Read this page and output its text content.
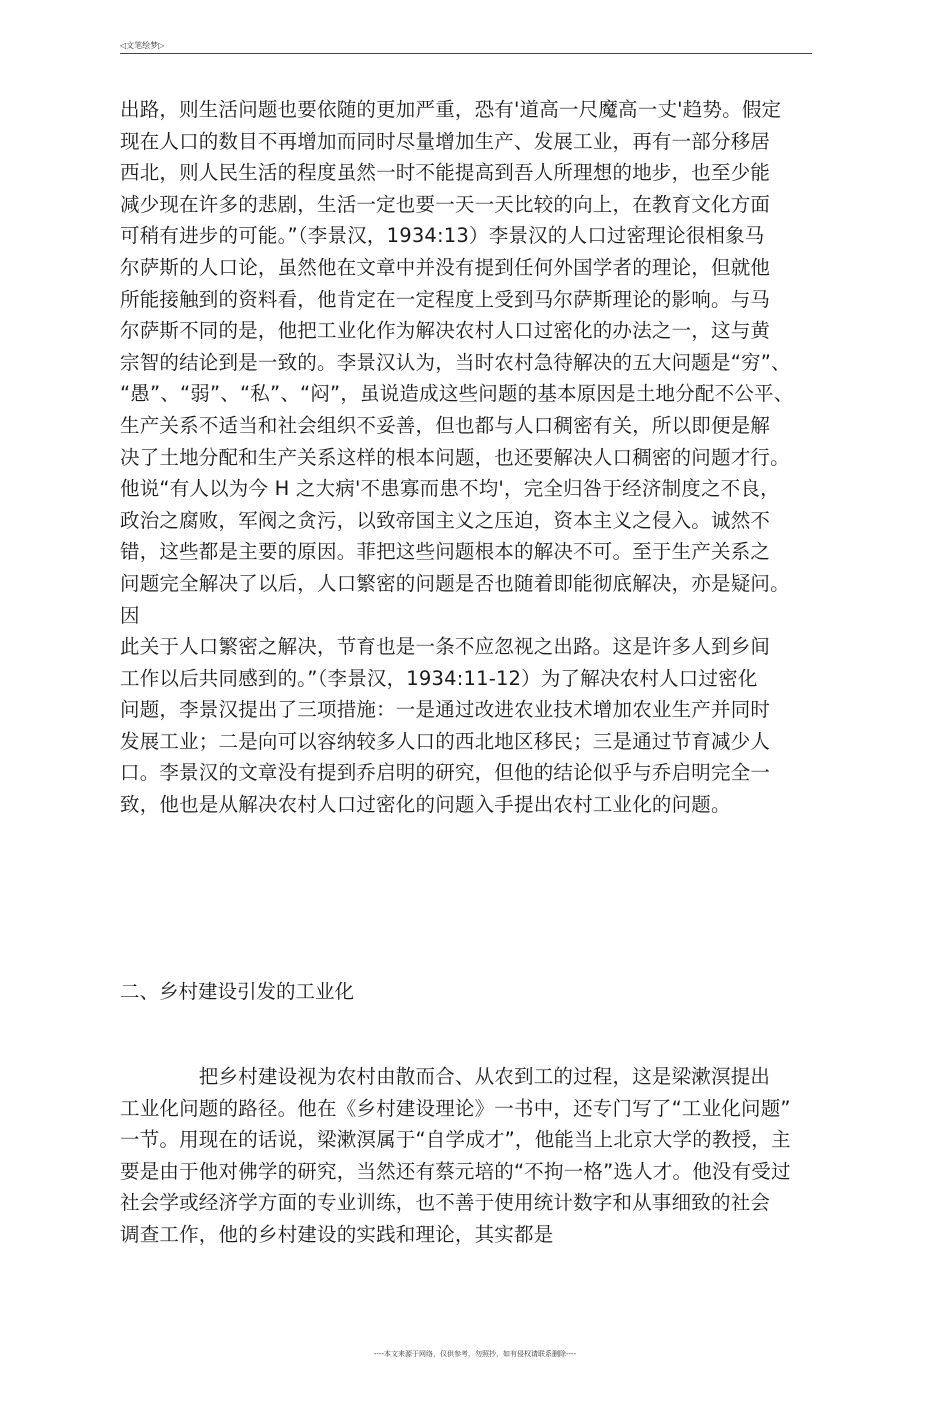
◁文笔绘梦▷
出路，则生活问题也要依随的更加严重，恐有'道高一尺魔高一丈'趋势。假定
现在人口的数目不再增加而同时尽量增加生产、发展工业，再有一部分移居
西北，则人民生活的程度虽然一时不能提高到吾人所理想的地步，也至少能
减少现在许多的悲剧，生活一定也要一天一天比较的向上，在教育文化方面
可稍有进步的可能。”（李景汉，1934:13）李景汉的人口过密理论很相象马
尔萨斯的人口论，虽然他在文章中并没有提到任何外国学者的理论，但就他
所能接触到的资料看，他肯定在一定程度上受到马尔萨斯理论的影响。与马
尔萨斯不同的是，他把工业化作为解决农村人口过密化的办法之一，这与黄
宗智的结论到是一致的。李景汉认为，当时农村急待解决的五大问题是“穷”、
“愚”、“弱”、“私”、“闷”，虽说造成这些问题的基本原因是土地分配不公平、
生产关系不适当和社会组织不妥善，但也都与人口稠密有关，所以即便是解
决了土地分配和生产关系这样的根本问题，也还要解决人口稠密的问题才行。
他说“有人以为今 H 之大病'不患寡而患不均'，完全归咎于经济制度之不良，
政治之腐败，军阀之贪污，以致帝国主义之压迫，资本主义之侵入。诚然不
错，这些都是主要的原因。菲把这些问题根本的解决不可。至于生产关系之
问题完全解决了以后，人口繁密的问题是否也随着即能彻底解决，亦是疑问。
因
此关于人口繁密之解决，节育也是一条不应忽视之出路。这是许多人到乡间
工作以后共同感到的。”（李景汉，1934:11-12）为了解决农村人口过密化
问题，李景汉提出了三项措施：一是通过改进农业技术增加农业生产并同时
发展工业；二是向可以容纳较多人口的西北地区移民；三是通过节育减少人
口。李景汉的文章没有提到乔启明的研究，但他的结论似乎与乔启明完全一
致，他也是从解决农村人口过密化的问题入手提出农村工业化的问题。
二、乡村建设引发的工业化
　　　　把乡村建设视为农村由散而合、从农到工的过程，这是梁漱溟提出
工业化问题的路径。他在《乡村建设理论》一书中，还专门写了“工业化问题”
一节。用现在的话说，梁漱溟属于“自学成才”，他能当上北京大学的教授，主
要是由于他对佛学的研究，当然还有蔡元培的“不拘一格”选人才。他没有受过
社会学或经济学方面的专业训练，也不善于使用统计数字和从事细致的社会
调查工作，他的乡村建设的实践和理论，其实都是
----本文来源于网络，仅供参考，勿照抄，如有侵权请联系删除----
